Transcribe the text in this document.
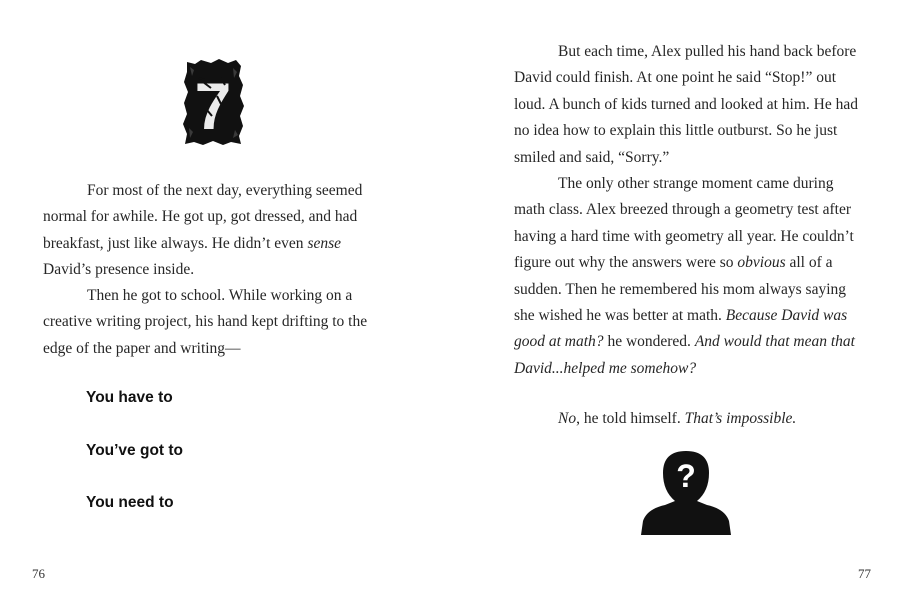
7

For most of the next day, everything seemed normal for awhile. He got up, got dressed, and had breakfast, just like always. He didn’t even sense David’s presence inside.

Then he got to school. While working on a creative writing project, his hand kept drifting to the edge of the paper and writing—

You have to

You’ve got to

You need to

76

But each time, Alex pulled his hand back before David could finish. At one point he said “Stop!” out loud. A bunch of kids turned and looked at him. He had no idea how to explain this little outburst. So he just smiled and said, “Sorry.”

The only other strange moment came during math class. Alex breezed through a geometry test after having a hard time with geometry all year. He couldn’t figure out why the answers were so obvious all of a sudden. Then he remembered his mom always saying she wished he was better at math. Because David was good at math? he wondered. And would that mean that David...helped me somehow?

No, he told himself. That’s impossible.

?
77
